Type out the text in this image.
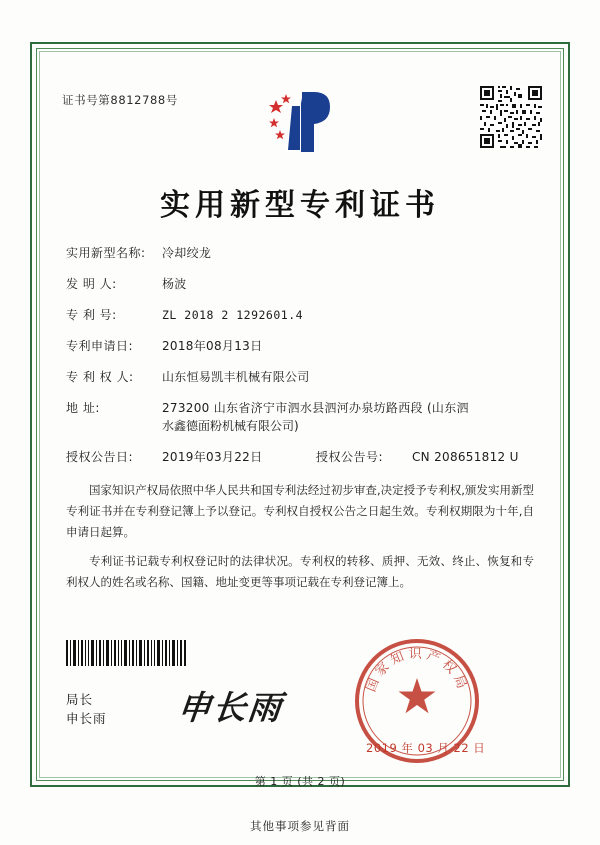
证书号第8812788号
实用新型专利证书
实用新型名称:	冷却绞龙
发 明 人:	杨波
专 利 号:	ZL 2018 2 1292601.4
专利申请日:	2018年08月13日
专 利 权 人:	山东恒易凯丰机械有限公司
地 址:	273200 山东省济宁市泗水县泗河办泉坊路西段 (山东泗
水鑫德面粉机械有限公司)
授权公告日:	2019年03月22日	授权公告号:	CN 208651812 U

国家知识产权局依照中华人民共和国专利法经过初步审查,决定授予专利权,颁发实用新型专利证书并在专利登记簿上予以登记。专利权自授权公告之日起生效。专利权期限为十年,自申请日起算。

专利证书记载专利权登记时的法律状况。专利权的转移、质押、无效、终止、恢复和专利权人的姓名或名称、国籍、地址变更等事项记载在专利登记簿上。

局长
申长雨 申长雨
国家知识产权局
2019 年 03 月 22 日
第 1 页 (共 2 页)
其他事项参见背面
